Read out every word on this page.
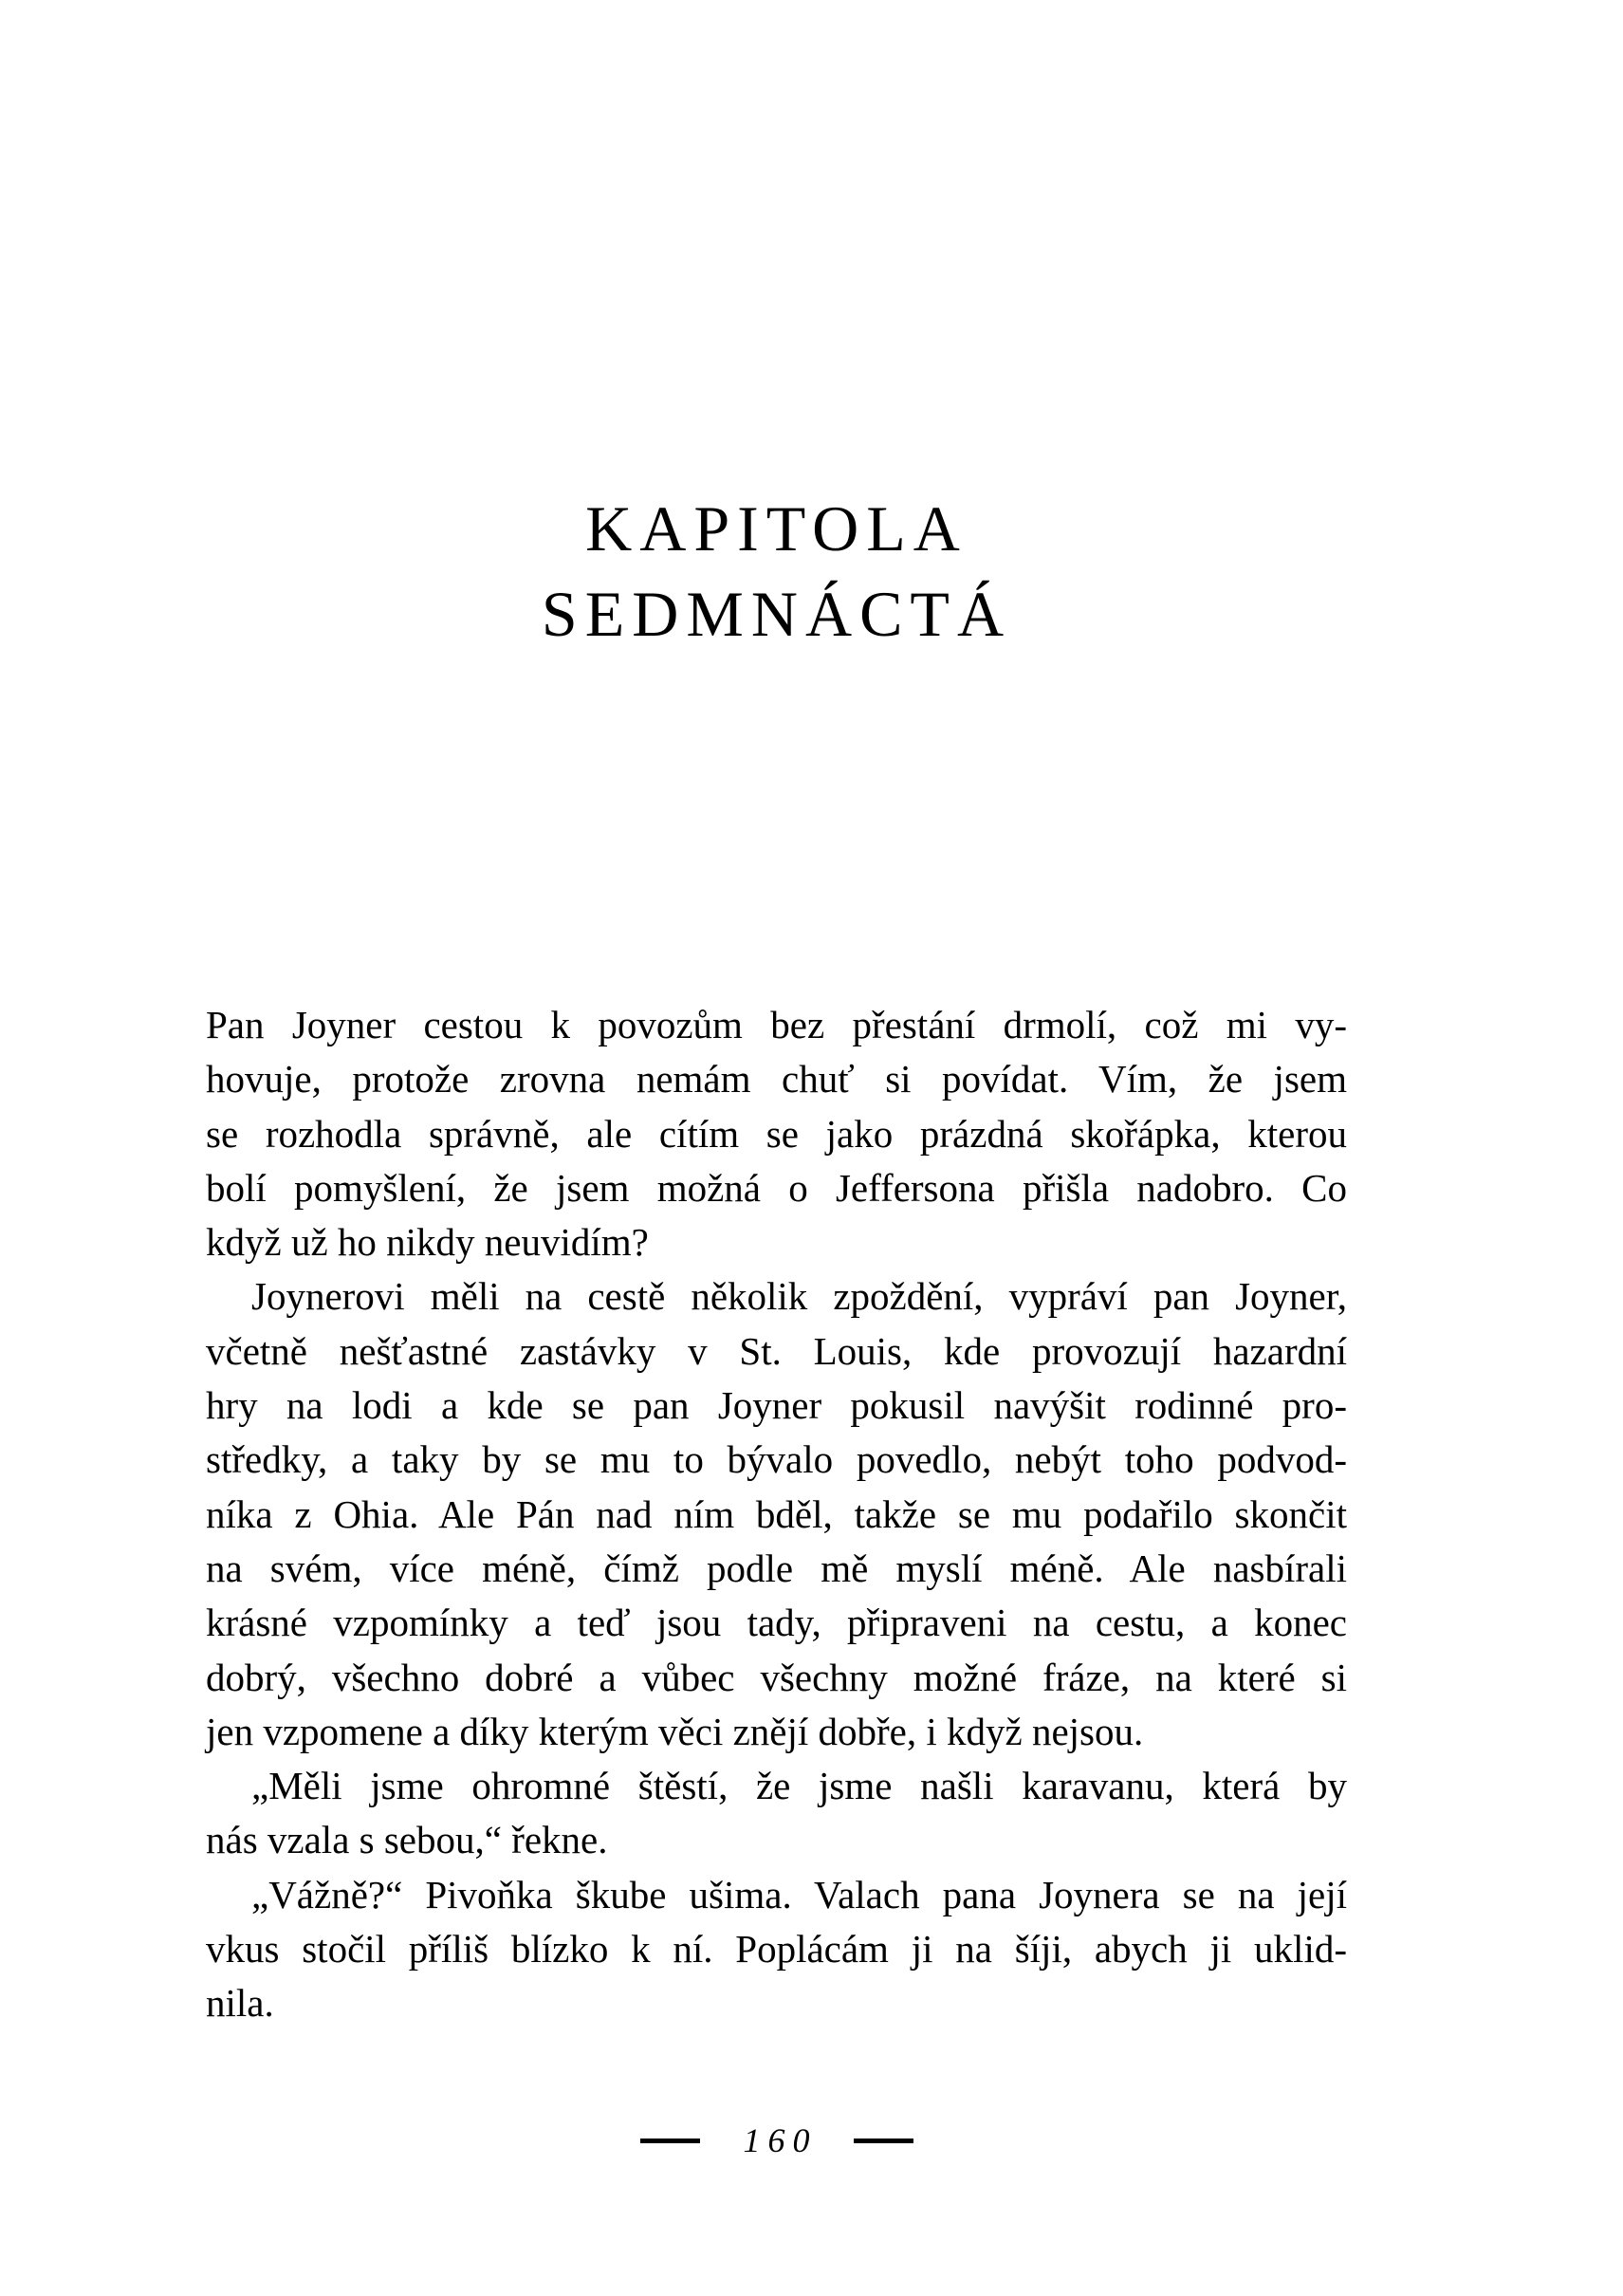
KAPITOLA
SEDMNÁCTÁ
Pan Joyner cestou k povozům bez přestání drmolí, což mi vy-
hovuje, protože zrovna nemám chuť si povídat. Vím, že jsem
se rozhodla správně, ale cítím se jako prázdná skořápka, kterou
bolí pomyšlení, že jsem možná o Jeffersona přišla nadobro. Co
když už ho nikdy neuvidím?
Joynerovi měli na cestě několik zpoždění, vypráví pan Joyner,
včetně nešťastné zastávky v St. Louis, kde provozují hazardní
hry na lodi a kde se pan Joyner pokusil navýšit rodinné pro-
středky, a taky by se mu to bývalo povedlo, nebýt toho podvod-
níka z Ohia. Ale Pán nad ním bděl, takže se mu podařilo skončit
na svém, více méně, čímž podle mě myslí méně. Ale nasbírali
krásné vzpomínky a teď jsou tady, připraveni na cestu, a konec
dobrý, všechno dobré a vůbec všechny možné fráze, na které si
jen vzpomene a díky kterým věci znějí dobře, i když nejsou.
„Měli jsme ohromné štěstí, že jsme našli karavanu, která by
nás vzala s sebou,“ řekne.
„Vážně?“ Pivoňka škube ušima. Valach pana Joynera se na její
vkus stočil příliš blízko k ní. Poplácám ji na šíji, abych ji uklid-
nila.
160
